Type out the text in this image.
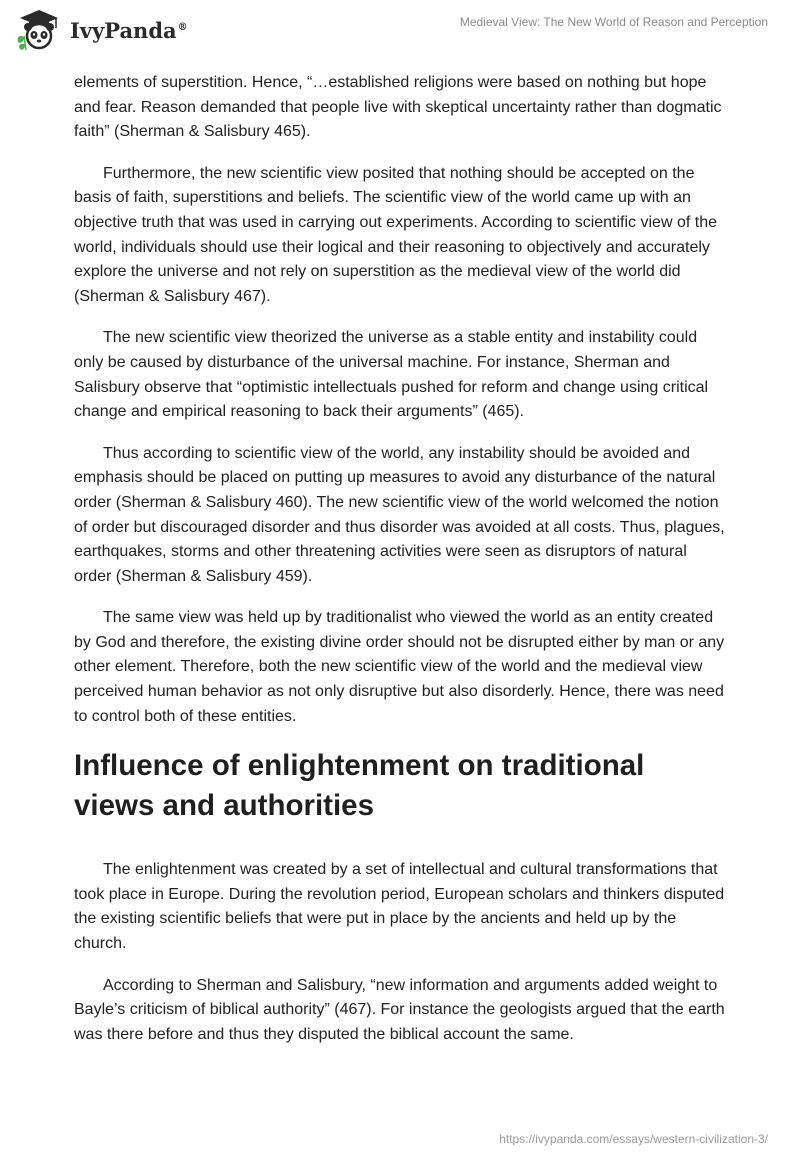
IvyPanda®	Medieval View: The New World of Reason and Perception

elements of superstition. Hence, “…established religions were based on nothing but hope and fear. Reason demanded that people live with skeptical uncertainty rather than dogmatic faith” (Sherman & Salisbury 465).

Furthermore, the new scientific view posited that nothing should be accepted on the basis of faith, superstitions and beliefs. The scientific view of the world came up with an objective truth that was used in carrying out experiments. According to scientific view of the world, individuals should use their logical and their reasoning to objectively and accurately explore the universe and not rely on superstition as the medieval view of the world did (Sherman & Salisbury 467).

The new scientific view theorized the universe as a stable entity and instability could only be caused by disturbance of the universal machine. For instance, Sherman and Salisbury observe that “optimistic intellectuals pushed for reform and change using critical change and empirical reasoning to back their arguments” (465).

Thus according to scientific view of the world, any instability should be avoided and emphasis should be placed on putting up measures to avoid any disturbance of the natural order (Sherman & Salisbury 460). The new scientific view of the world welcomed the notion of order but discouraged disorder and thus disorder was avoided at all costs. Thus, plagues, earthquakes, storms and other threatening activities were seen as disruptors of natural order (Sherman & Salisbury 459).

The same view was held up by traditionalist who viewed the world as an entity created by God and therefore, the existing divine order should not be disrupted either by man or any other element. Therefore, both the new scientific view of the world and the medieval view perceived human behavior as not only disruptive but also disorderly. Hence, there was need to control both of these entities.

Influence of enlightenment on traditional views and authorities

The enlightenment was created by a set of intellectual and cultural transformations that took place in Europe. During the revolution period, European scholars and thinkers disputed the existing scientific beliefs that were put in place by the ancients and held up by the church.

According to Sherman and Salisbury, “new information and arguments added weight to Bayle’s criticism of biblical authority” (467). For instance the geologists argued that the earth was there before and thus they disputed the biblical account the same.

https://ivypanda.com/essays/western-civilization-3/
